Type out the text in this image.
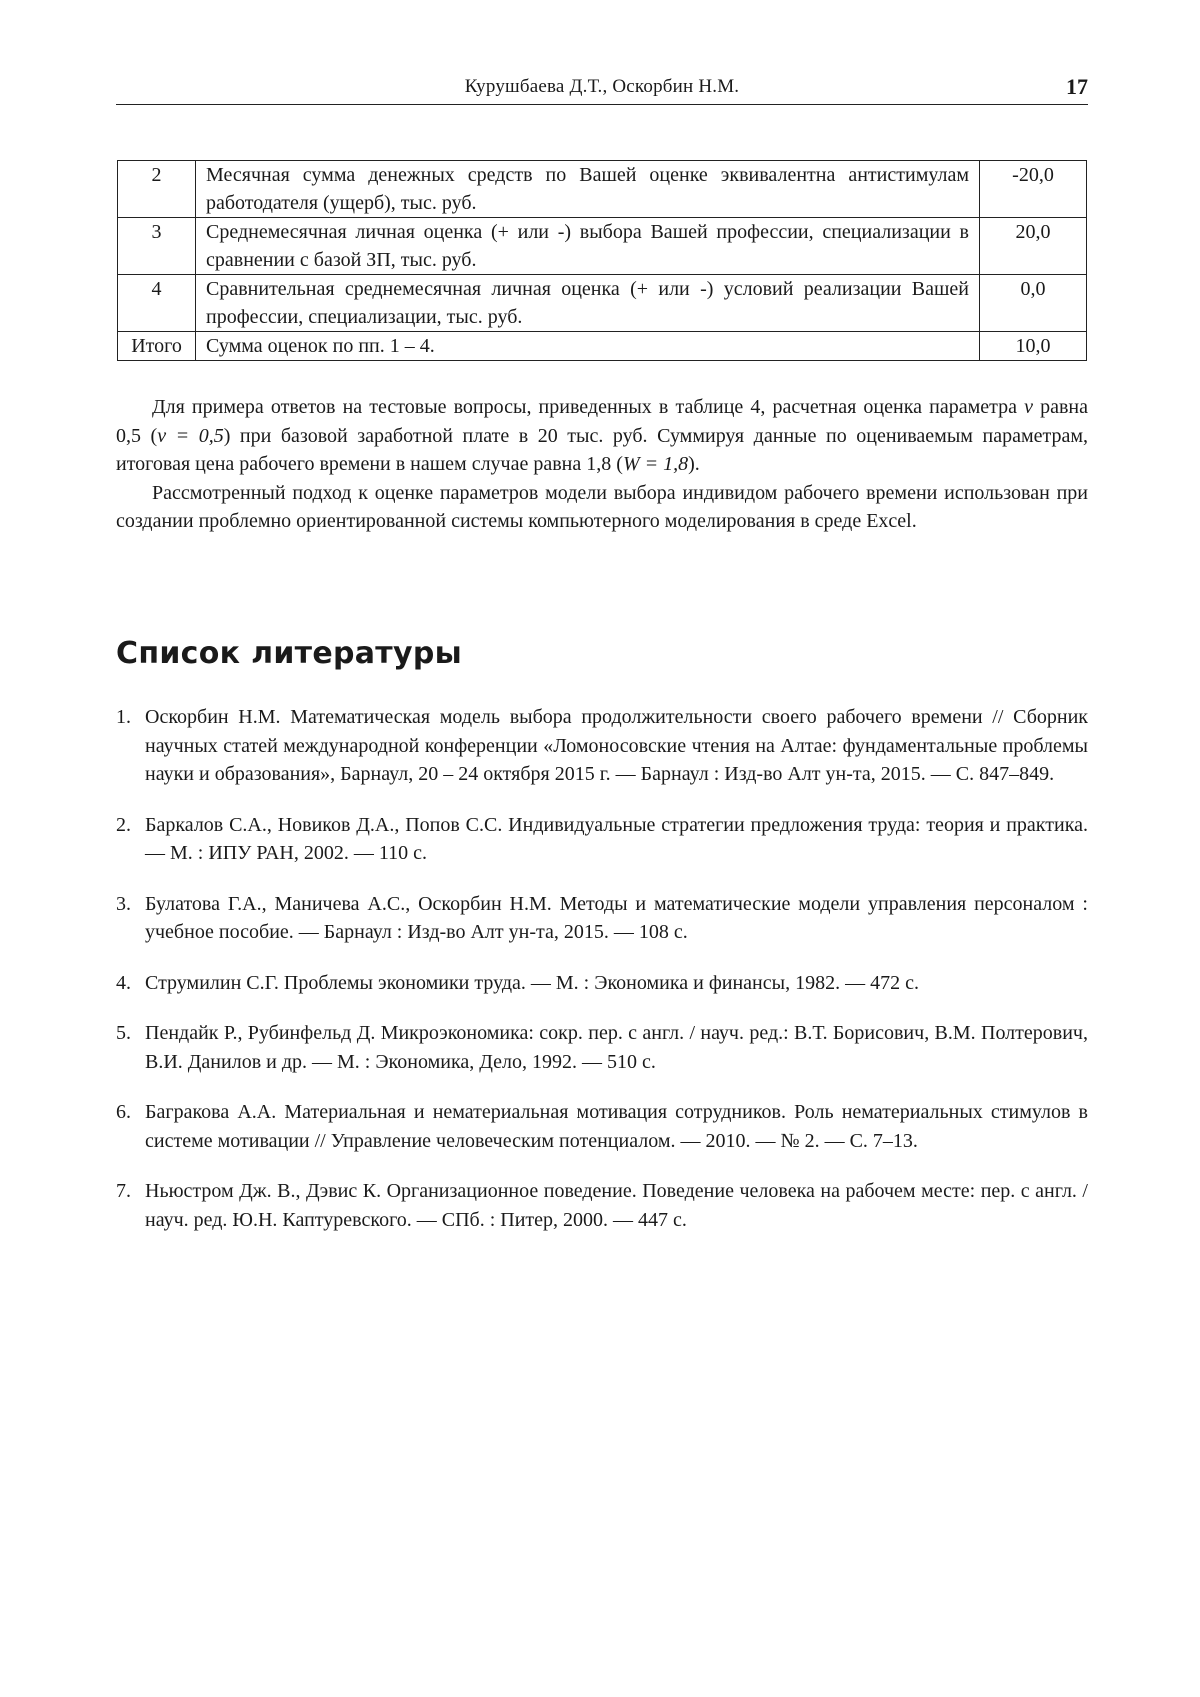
Курушбаева Д.Т., Оскорбин Н.М.	17
2	Месячная сумма денежных средств по Вашей оценке эквивалентна антистимулам работодателя (ущерб), тыс. руб.	-20,0
3	Среднемесячная личная оценка (+ или -) выбора Вашей профессии, специализации в сравнении с базой ЗП, тыс. руб.	20,0
4	Сравнительная среднемесячная личная оценка (+ или -) условий реализации Вашей профессии, специализации, тыс. руб.	0,0
Итого	Сумма оценок по пп. 1 – 4.	10,0

Для примера ответов на тестовые вопросы, приведенных в таблице 4, расчетная оценка параметра v равна 0,5 (v = 0,5) при базовой заработной плате в 20 тыс. руб. Суммируя данные по оцениваемым параметрам, итоговая цена рабочего времени в нашем случае равна 1,8 (W = 1,8).

Рассмотренный подход к оценке параметров модели выбора индивидом рабочего времени использован при создании проблемно ориентированной системы компьютерного моделирования в среде Excel.

Список литературы
1. Оскорбин Н.М. Математическая модель выбора продолжительности своего рабочего времени // Сборник научных статей международной конференции «Ломоносовские чтения на Алтае: фундаментальные проблемы науки и образования», Барнаул, 20 – 24 октября 2015 г. — Барнаул : Изд-во Алт ун-та, 2015. — С. 847–849.
2. Баркалов С.А., Новиков Д.А., Попов С.С. Индивидуальные стратегии предложения труда: теория и практика. — М. : ИПУ РАН, 2002. — 110 с.
3. Булатова Г.А., Маничева А.С., Оскорбин Н.М. Методы и математические модели управления персоналом : учебное пособие. — Барнаул : Изд-во Алт ун-та, 2015. — 108 с.
4. Струмилин С.Г. Проблемы экономики труда. — М. : Экономика и финансы, 1982. — 472 с.
5. Пендайк Р., Рубинфельд Д. Микроэкономика: сокр. пер. с англ. / науч. ред.: В.Т. Борисович, В.М. Полтерович, В.И. Данилов и др. — М. : Экономика, Дело, 1992. — 510 с.
6. Багракова А.А. Материальная и нематериальная мотивация сотрудников. Роль нематериальных стимулов в системе мотивации // Управление человеческим потенциалом. — 2010. — № 2. — С. 7–13.
7. Ньюстром Дж. В., Дэвис К. Организационное поведение. Поведение человека на рабочем месте: пер. с англ. / науч. ред. Ю.Н. Каптуревского. — СПб. : Питер, 2000. — 447 с.
